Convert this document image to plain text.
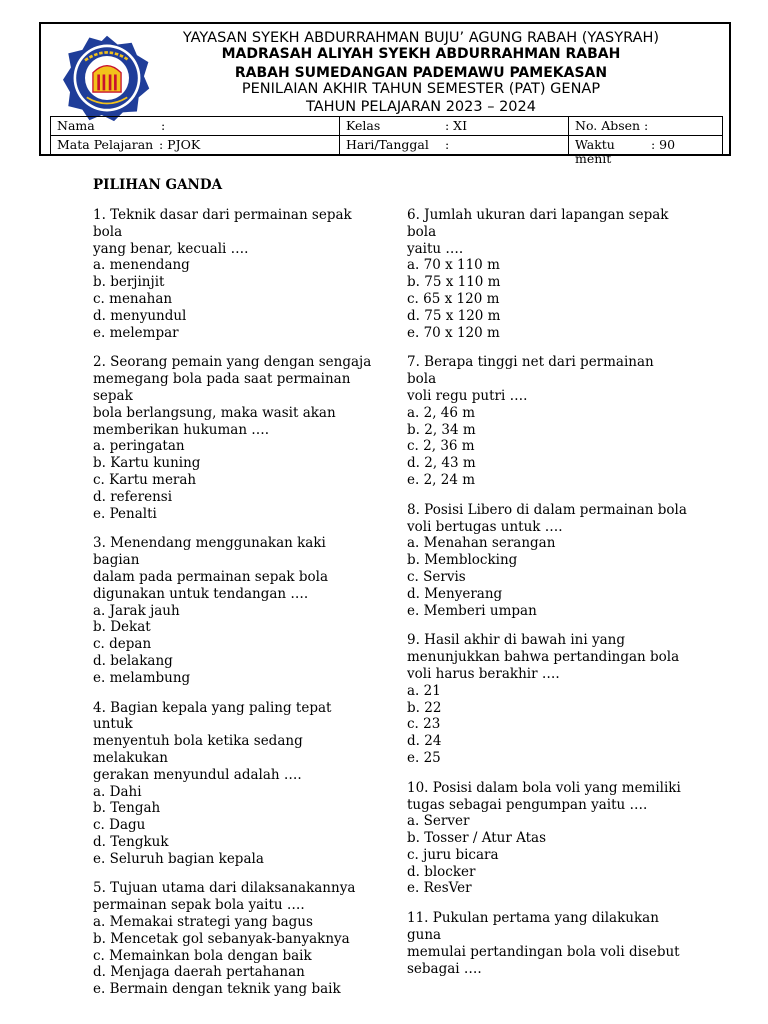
YAYASAN SYEKH ABDURRAHMAN BUJU’ AGUNG RABAH (YASYRAH)
MADRASAH ALIYAH SYEKH ABDURRAHMAN RABAH
RABAH SUMEDANGAN PADEMAWU PAMEKASAN
PENILAIAN AKHIR TAHUN SEMESTER (PAT) GENAP
TAHUN PELAJARAN 2023 – 2024
Nama :	Kelas : XI	No. Absen :
Mata Pelajaran : PJOK	Hari/Tanggal :	Waktu : 90
menit
PILIHAN GANDA
1. Teknik dasar dari permainan sepak bola
yang benar, kecuali ….
a. menendang
b. berjinjit
c. menahan
d. menyundul
e. melempar
2. Seorang pemain yang dengan sengaja
memegang bola pada saat permainan sepak
bola berlangsung, maka wasit akan
memberikan hukuman ….
a. peringatan
b. Kartu kuning
c. Kartu merah
d. referensi
e. Penalti
3. Menendang menggunakan kaki bagian
dalam pada permainan sepak bola
digunakan untuk tendangan ….
a. Jarak jauh
b. Dekat
c. depan
d. belakang
e. melambung
4. Bagian kepala yang paling tepat untuk
menyentuh bola ketika sedang melakukan
gerakan menyundul adalah ….
a. Dahi
b. Tengah
c. Dagu
d. Tengkuk
e. Seluruh bagian kepala
5. Tujuan utama dari dilaksanakannya
permainan sepak bola yaitu ….
a. Memakai strategi yang bagus
b. Mencetak gol sebanyak-banyaknya
c. Memainkan bola dengan baik
d. Menjaga daerah pertahanan
e. Bermain dengan teknik yang baik
6. Jumlah ukuran dari lapangan sepak bola
yaitu ….
a. 70 x 110 m
b. 75 x 110 m
c. 65 x 120 m
d. 75 x 120 m
e. 70 x 120 m
7. Berapa tinggi net dari permainan bola
voli regu putri ….
a. 2, 46 m
b. 2, 34 m
c. 2, 36 m
d. 2, 43 m
e. 2, 24 m
8. Posisi Libero di dalam permainan bola
voli bertugas untuk ….
a. Menahan serangan
b. Memblocking
c. Servis
d. Menyerang
e. Memberi umpan
9. Hasil akhir di bawah ini yang
menunjukkan bahwa pertandingan bola
voli harus berakhir ….
a. 21
b. 22
c. 23
d. 24
e. 25
10. Posisi dalam bola voli yang memiliki
tugas sebagai pengumpan yaitu ….
a. Server
b. Tosser / Atur Atas
c. juru bicara
d. blocker
e. ResVer
11. Pukulan pertama yang dilakukan guna
memulai pertandingan bola voli disebut
sebagai ….
